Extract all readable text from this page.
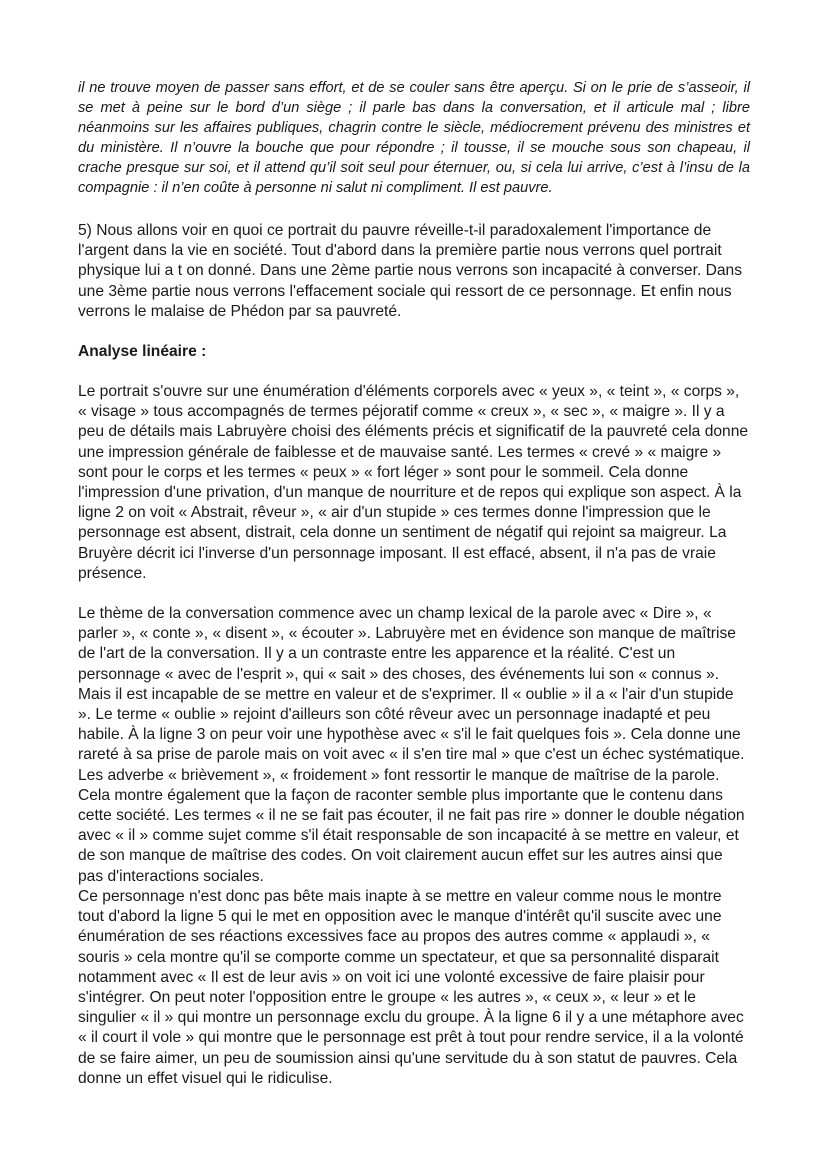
il ne trouve moyen de passer sans effort, et de se couler sans être aperçu. Si on le prie de s’asseoir, il se met à peine sur le bord d’un siège ; il parle bas dans la conversation, et il articule mal ; libre néanmoins sur les affaires publiques, chagrin contre le siècle, médiocrement prévenu des ministres et du ministère. Il n’ouvre la bouche que pour répondre ; il tousse, il se mouche sous son chapeau, il crache presque sur soi, et il attend qu’il soit seul pour éternuer, ou, si cela lui arrive, c’est à l’insu de la compagnie : il n’en coûte à personne ni salut ni compliment. Il est pauvre.

5) Nous allons voir en quoi ce portrait du pauvre réveille-t-il paradoxalement l'importance de l'argent dans la vie en société. Tout d'abord dans la première partie nous verrons quel portrait physique lui a t on donné. Dans une 2ème partie nous verrons son incapacité à converser. Dans une 3ème partie nous verrons l'effacement sociale qui ressort de ce personnage. Et enfin nous verrons le malaise de Phédon par sa pauvreté.

Analyse linéaire :

Le portrait s'ouvre sur une énumération d'éléments corporels avec « yeux », « teint », « corps », « visage » tous accompagnés de termes péjoratif comme « creux », « sec », « maigre ». Il y a peu de détails mais Labruyère choisi des éléments précis et significatif de la pauvreté cela donne une impression générale de faiblesse et de mauvaise santé. Les termes « crevé » « maigre » sont pour le corps et les termes « peux » « fort léger » sont pour le sommeil. Cela donne l'impression d'une privation, d'un manque de nourriture et de repos qui explique son aspect. À la ligne 2 on voit « Abstrait, rêveur », « air d'un stupide » ces termes donne l'impression que le personnage est absent, distrait, cela donne un sentiment de négatif qui rejoint sa maigreur. La Bruyère décrit ici l'inverse d'un personnage imposant. Il est effacé, absent, il n'a pas de vraie présence.

Le thème de la conversation commence avec un champ lexical de la parole avec « Dire », « parler », « conte », « disent », « écouter ». Labruyère met en évidence son manque de maîtrise de l'art de la conversation. Il y a un contraste entre les apparence et la réalité. C'est un personnage « avec de l'esprit », qui « sait » des choses, des événements lui son « connus ». Mais il est incapable de se mettre en valeur et de s'exprimer. Il « oublie » il a « l'air d'un stupide ». Le terme « oublie » rejoint d'ailleurs son côté rêveur avec un personnage inadapté et peu habile. À la ligne 3 on peur voir une hypothèse avec « s'il le fait quelques fois ». Cela donne une rareté à sa prise de parole mais on voit avec « il s'en tire mal » que c'est un échec systématique. Les adverbe « brièvement », « froidement » font ressortir le manque de maîtrise de la parole. Cela montre également que la façon de raconter semble plus importante que le contenu dans cette société. Les termes « il ne se fait pas écouter, il ne fait pas rire » donner le double négation avec « il » comme sujet comme s'il était responsable de son incapacité à se mettre en valeur, et de son manque de maîtrise des codes. On voit clairement aucun effet sur les autres ainsi que pas d'interactions sociales.

Ce personnage n'est donc pas bête mais inapte à se mettre en valeur comme nous le montre tout d'abord la ligne 5 qui le met en opposition avec le manque d'intérêt qu'il suscite avec une énumération de ses réactions excessives face au propos des autres comme « applaudi », « souris » cela montre qu'il se comporte comme un spectateur, et que sa personnalité disparait notamment avec « Il est de leur avis » on voit ici une volonté excessive de faire plaisir pour s'intégrer. On peut noter l'opposition entre le groupe « les autres », « ceux », « leur » et le singulier « il » qui montre un personnage exclu du groupe. À la ligne 6 il y a une métaphore avec « il court il vole » qui montre que le personnage est prêt à tout pour rendre service, il a la volonté de se faire aimer, un peu de soumission ainsi qu'une servitude du à son statut de pauvres. Cela donne un effet visuel qui le ridiculise.
